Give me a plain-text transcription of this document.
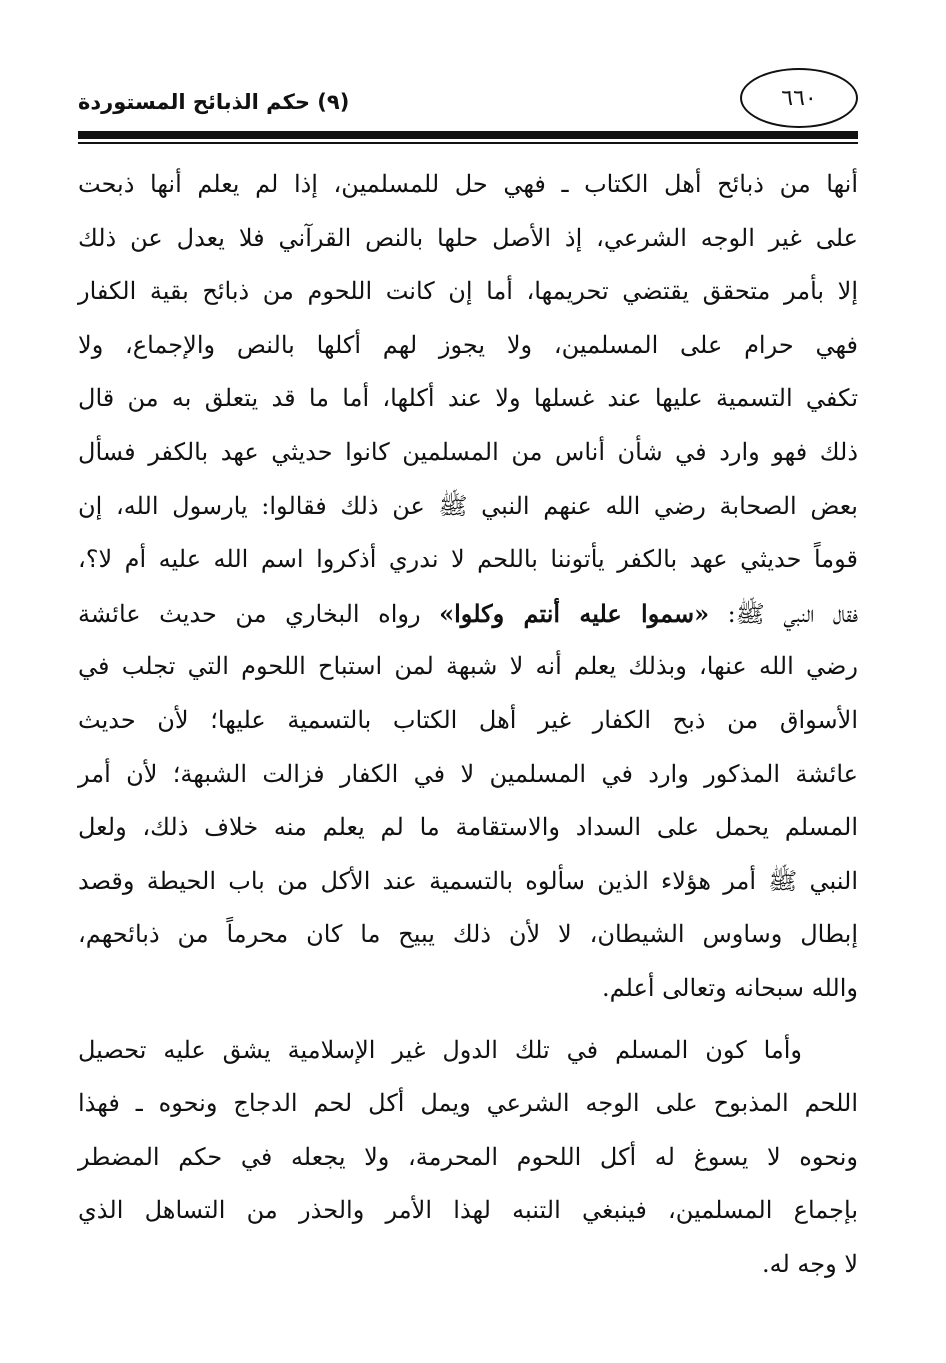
(٩) حكم الذبائح المستوردة	٦٦٠
أنها من ذبائح أهل الكتاب ـ فهي حل للمسلمين، إذا لم يعلم أنها ذبحت
على غير الوجه الشرعي، إذ الأصل حلها بالنص القرآني فلا يعدل عن ذلك
إلا بأمر متحقق يقتضي تحريمها، أما إن كانت اللحوم من ذبائح بقية الكفار
فهي حرام على المسلمين، ولا يجوز لهم أكلها بالنص والإجماع، ولا
تكفي التسمية عليها عند غسلها ولا عند أكلها، أما ما قد يتعلق به من قال
ذلك فهو وارد في شأن أناس من المسلمين كانوا حديثي عهد بالكفر فسأل
بعض الصحابة رضي الله عنهم النبي ﷺ عن ذلك فقالوا: يارسول الله، إن
قوماً حديثي عهد بالكفر يأتوننا باللحم لا ندري أذكروا اسم الله عليه أم لا؟،
فقال النبي ﷺ: «سموا عليه أنتم وكلوا» رواه البخاري من حديث عائشة
رضي الله عنها، وبذلك يعلم أنه لا شبهة لمن استباح اللحوم التي تجلب في
الأسواق من ذبح الكفار غير أهل الكتاب بالتسمية عليها؛ لأن حديث
عائشة المذكور وارد في المسلمين لا في الكفار فزالت الشبهة؛ لأن أمر
المسلم يحمل على السداد والاستقامة ما لم يعلم منه خلاف ذلك، ولعل
النبي ﷺ أمر هؤلاء الذين سألوه بالتسمية عند الأكل من باب الحيطة وقصد
إبطال وساوس الشيطان، لا لأن ذلك يبيح ما كان محرماً من ذبائحهم،
والله سبحانه وتعالى أعلم.
وأما كون المسلم في تلك الدول غير الإسلامية يشق عليه تحصيل
اللحم المذبوح على الوجه الشرعي ويمل أكل لحم الدجاج ونحوه ـ فهذا
ونحوه لا يسوغ له أكل اللحوم المحرمة، ولا يجعله في حكم المضطر
بإجماع المسلمين، فينبغي التنبه لهذا الأمر والحذر من التساهل الذي
لا وجه له.
